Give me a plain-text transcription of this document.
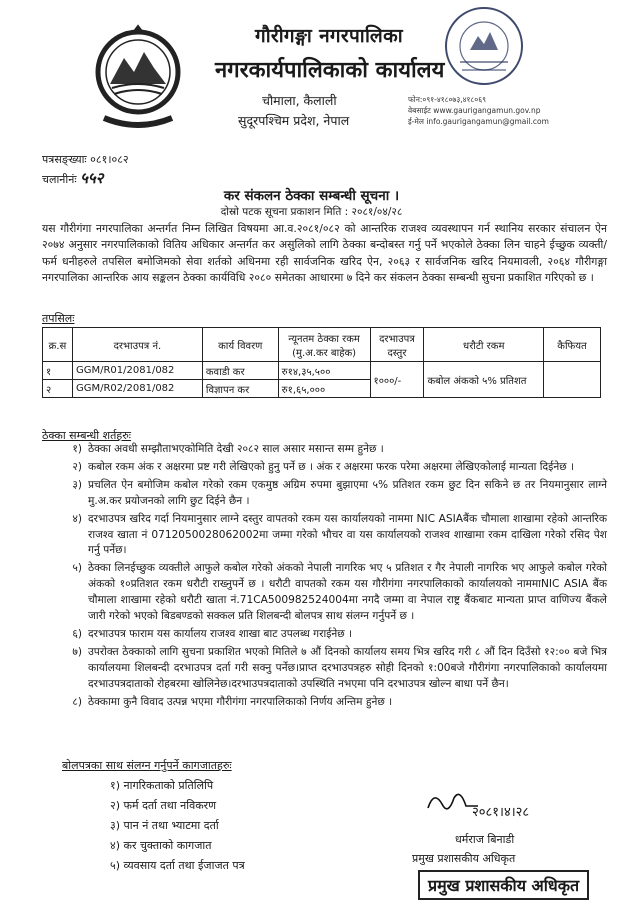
गौरीगङ्गा नगरपालिका
नगरकार्यपालिकाको कार्यालय
चौमाला, कैलाली
सुदूरपश्चिम प्रदेश, नेपाल
फोन:०९१-४१८०७३,४१८०६९
वेबसाईट www.gaurigangamun.gov.np
ई-मेल info.gaurigangamun@gmail.com
पत्रसङ्ख्याः ०८१।०८२
चलानीनंः ५५२
कर संकलन ठेक्का सम्बन्धी सूचना ।
दोस्रो पटक सूचना प्रकाशन मिति : २०८१/०४/२८
यस गौरीगंगा नगरपालिका अन्तर्गत निम्न लिखित विषयमा आ.व.२०८१/०८२ को आन्तरिक राजश्व व्यवस्थापन गर्न स्थानिय सरकार संचालन ऐन २०७४ अनुसार नगरपालिकाको वितिय अधिकार अन्तर्गत कर असुलिको लागि ठेक्का बन्दोबस्त गर्नु पर्ने भएकोले ठेक्का लिन चाहने ईच्छुक व्यक्ती/फर्म धनीहरुले तपसिल बमोजिमको सेवा शर्तको अधिनमा रही सार्वजनिक खरिद ऐन, २०६३ र सार्वजनिक खरिद नियमावली, २०६४ गौरीगङ्गा नगरपालिका आन्तरिक आय सङ्कलन ठेक्का कार्यविधि २०८० समेतका आधारमा ७ दिने कर संकलन ठेक्का सम्बन्धी सुचना प्रकाशित गरिएको छ ।
तपसिलः
क्र.स	दरभाउपत्र नं.	कार्य विवरण	न्यूनतम ठेक्का रकम (मु.अ.कर बाहेक)	दरभाउपत्र दस्तुर	धरौटी रकम	कैफियत
१	GGM/R01/2081/082	कवाडी कर	रु१४,३५,५००	१०००/-	कबोल अंकको ५% प्रतिशत	
२	GGM/R02/2081/082	विज्ञापन कर	रु१,६५,०००			
ठेक्का सम्बन्धी शर्तहरुः
१) ठेक्का अवधी सम्झौताभएकोमिति देखी २०८२ साल असार मसान्त सम्म हुनेछ ।
२) कबोल रकम अंक र अक्षरमा प्रष्ट गरी लेखिएको हुनु पर्ने छ । अंक र अक्षरमा फरक परेमा अक्षरमा लेखिएकोलाई मान्यता दिईनेछ ।
३) प्रचलित ऐन बमोजिम कबोल गरेको रकम एकमुष्ठ अग्रिम रुपमा बुझाएमा ५% प्रतिशत रकम छुट दिन सकिने छ तर नियमानुसार लाग्ने मु.अ.कर प्रयोजनको लागि छुट दिईने छैन ।
४) दरभाउपत्र खरिद गर्दा नियमानुसार लाग्ने दस्तुर वापतको रकम यस कार्यालयको नाममा NIC ASIAबैंक चौमाला शाखामा रहेको आन्तरिक राजश्व खाता नं 0712050028062002मा जम्मा गरेको भौचर वा यस कार्यालयको राजश्व शाखामा रकम दाखिला गरेको रसिद पेश गर्नु पर्नेछ।
५) ठेक्का लिनईच्छुक व्यक्तीले आफुले कबोल गरेको अंकको नेपाली नागरिक भए ५ प्रतिशत र गैर नेपाली नागरिक भए आफुले कबोल गरेको अंकको १०प्रतिशत रकम धरौटी राख्नुपर्ने छ । धरौटी वापतको रकम यस गौरीगंगा नगरपालिकाको कार्यालयको नाममाNIC ASIA बैंक चौमाला शाखामा रहेको धरौटी खाता नं.71CA500982524004मा नगदै जम्मा वा नेपाल राष्ट्र बैंकबाट मान्यता प्राप्त वाणिज्य बैंकले जारी गरेको भएको बिडबण्डको सक्कल प्रति शिलबन्दी बोलपत्र साथ संलग्न गर्नुपर्ने छ ।
६) दरभाउपत्र फाराम यस कार्यालय राजश्व शाखा बाट उपलब्ध गराईनेछ ।
७) उपरोक्त ठेक्काको लागि सुचना प्रकाशित भएको मितिले ७ औं दिनको कार्यालय समय भित्र खरिद गरी ८ औं दिन दिउँसो १२:०० बजे भित्र कार्यालयमा शिलबन्दी दरभाउपत्र दर्ता गरी सक्नु पर्नेछ।प्राप्त दरभाउपत्रहरु सोही दिनको १:00बजे गौरीगंगा नगरपालिकाको कार्यालयमा दरभाउपत्रदाताको रोहबरमा खोलिनेछ।दरभाउपत्रदाताको उपस्थिति नभएमा पनि दरभाउपत्र खोल्न बाधा पर्ने छैन।
८) ठेक्कामा कुनै विवाद उत्पन्न भएमा गौरीगंगा नगरपालिकाको निर्णय अन्तिम हुनेछ ।
बोलपत्रका साथ संलग्न गर्नुपर्ने कागजातहरुः
१) नागरिकताको प्रतिलिपि
२) फर्म दर्ता तथा नविकरण
३) पान नं तथा भ्याटमा दर्ता
४) कर चुक्ताको कागजात
५) व्यवसाय दर्ता तथा ईजाजत पत्र
२०८१।४।२८
धर्मराज बिनाडी
प्रमुख प्रशासकीय अधिकृत
प्रमुख प्रशासकीय अधिकृत
